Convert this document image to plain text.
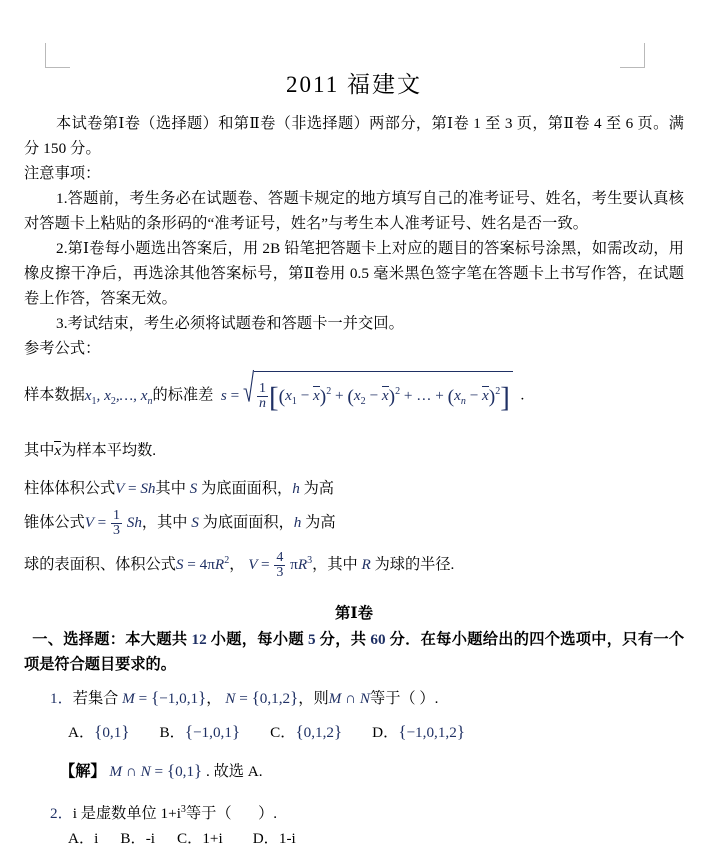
2011 福建文

本试卷第Ⅰ卷（选择题）和第Ⅱ卷（非选择题）两部分，第Ⅰ卷 1 至 3 页，第Ⅱ卷 4 至 6 页。满分 150 分。

注意事项：

1.答题前，考生务必在试题卷、答题卡规定的地方填写自己的准考证号、姓名，考生要认真核对答题卡上粘贴的条形码的“准考证号，姓名”与考生本人准考证号、姓名是否一致。

2.第Ⅰ卷每小题选出答案后，用 2B 铅笔把答题卡上对应的题目的答案标号涂黑，如需改动，用橡皮擦干净后，再选涂其他答案标号，第Ⅱ卷用 0.5 毫米黑色签字笔在答题卡上书写作答，在试题卷上作答，答案无效。

3.考试结束，考生必须将试题卷和答题卡一并交回。

参考公式：

样本数据$x_1$, $x_2,\dots$, $x_n$的标准差 $s = \frac{1}{n} [(x_1 - x)^2 + (x_2 - x)^2$ + … + $(x_n - x)^2$]  .

其中x为样本平均数.

柱体体积公式V = Sh其中 S 为底面面积，h 为高

锥体公式$V = \frac{1}{3}$ Sh，其中 S 为底面面积，h 为高

球的表面积、体积公式$S = 4\pi R^2$， $V = \frac{4}{3} \pi R^3$，其中 R 为球的半径.

第Ⅰ卷

一、选择题：本大题共 12 小题，每小题 5 分，共 60 分．在每小题给出的四个选项中，只有一个项是符合题目要求的。

1．若集合 M = {−1,0,1}， N = {0,1,2}，则M ∩ N等于（ ）.

A．{0,1} B．{−1,0,1} C．{0,1,2} D．{−1,0,1,2}

【解】 M ∩ N = {0,1} . 故选 A.

2．i 是虚数单位 $1+i^3$等于（       ）.

A．i B．-i C．1+i D．1-i
